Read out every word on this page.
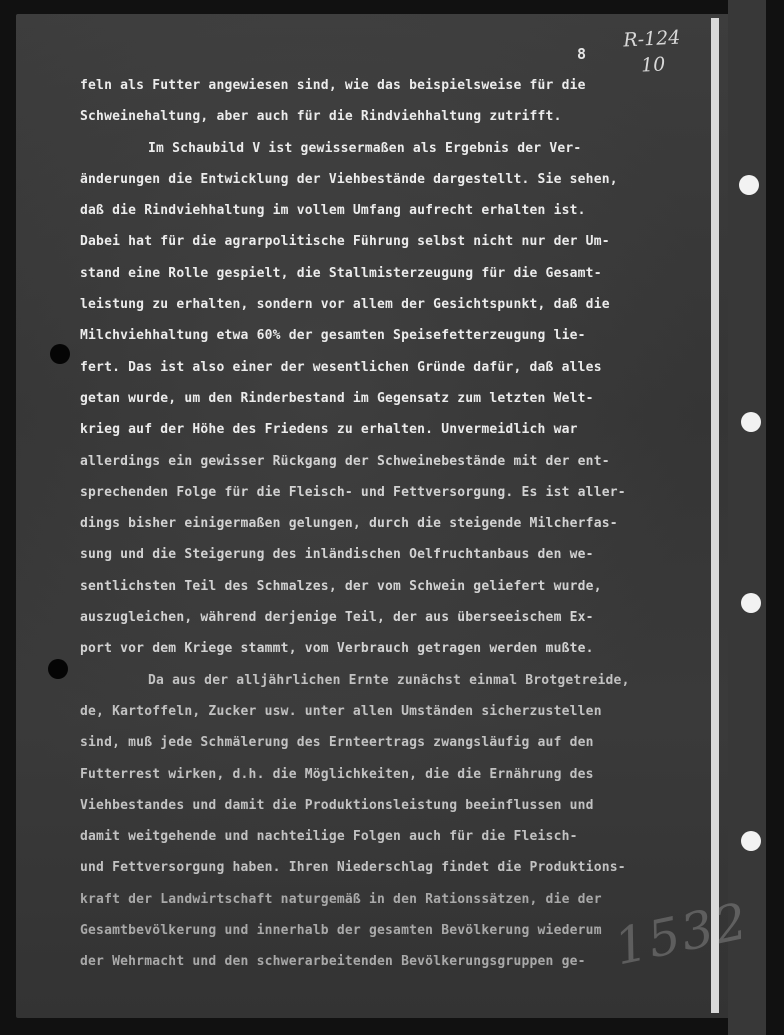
8
R-124
10
1532
feln als Futter angewiesen sind, wie das beispielsweise für die
Schweinehaltung, aber auch für die Rindviehhaltung zutrifft.
Im Schaubild V ist gewissermaßen als Ergebnis der Ver-
änderungen die Entwicklung der Viehbestände dargestellt. Sie sehen,
daß die Rindviehhaltung im vollem Umfang aufrecht erhalten ist.
Dabei hat für die agrarpolitische Führung selbst nicht nur der Um-
stand eine Rolle gespielt, die Stallmisterzeugung für die Gesamt-
leistung zu erhalten, sondern vor allem der Gesichtspunkt, daß die
Milchviehhaltung etwa 60% der gesamten Speisefetterzeugung lie-
fert. Das ist also einer der wesentlichen Gründe dafür, daß alles
getan wurde, um den Rinderbestand im Gegensatz zum letzten Welt-
krieg auf der Höhe des Friedens zu erhalten. Unvermeidlich war
allerdings ein gewisser Rückgang der Schweinebestände mit der ent-
sprechenden Folge für die Fleisch- und Fettversorgung. Es ist aller-
dings bisher einigermaßen gelungen, durch die steigende Milcherfas-
sung und die Steigerung des inländischen Oelfruchtanbaus den we-
sentlichsten Teil des Schmalzes, der vom Schwein geliefert wurde,
auszugleichen, während derjenige Teil, der aus überseeischem Ex-
port vor dem Kriege stammt, vom Verbrauch getragen werden mußte.
Da aus der alljährlichen Ernte zunächst einmal Brotgetreide,
de, Kartoffeln, Zucker usw. unter allen Umständen sicherzustellen
sind, muß jede Schmälerung des Ernteertrags zwangsläufig auf den
Futterrest wirken, d.h. die Möglichkeiten, die die Ernährung des
Viehbestandes und damit die Produktionsleistung beeinflussen und
damit weitgehende und nachteilige Folgen auch für die Fleisch-
und Fettversorgung haben. Ihren Niederschlag findet die Produktions-
kraft der Landwirtschaft naturgemäß in den Rationssätzen, die der
Gesamtbevölkerung und innerhalb der gesamten Bevölkerung wiederum
der Wehrmacht und den schwerarbeitenden Bevölkerungsgruppen ge-
